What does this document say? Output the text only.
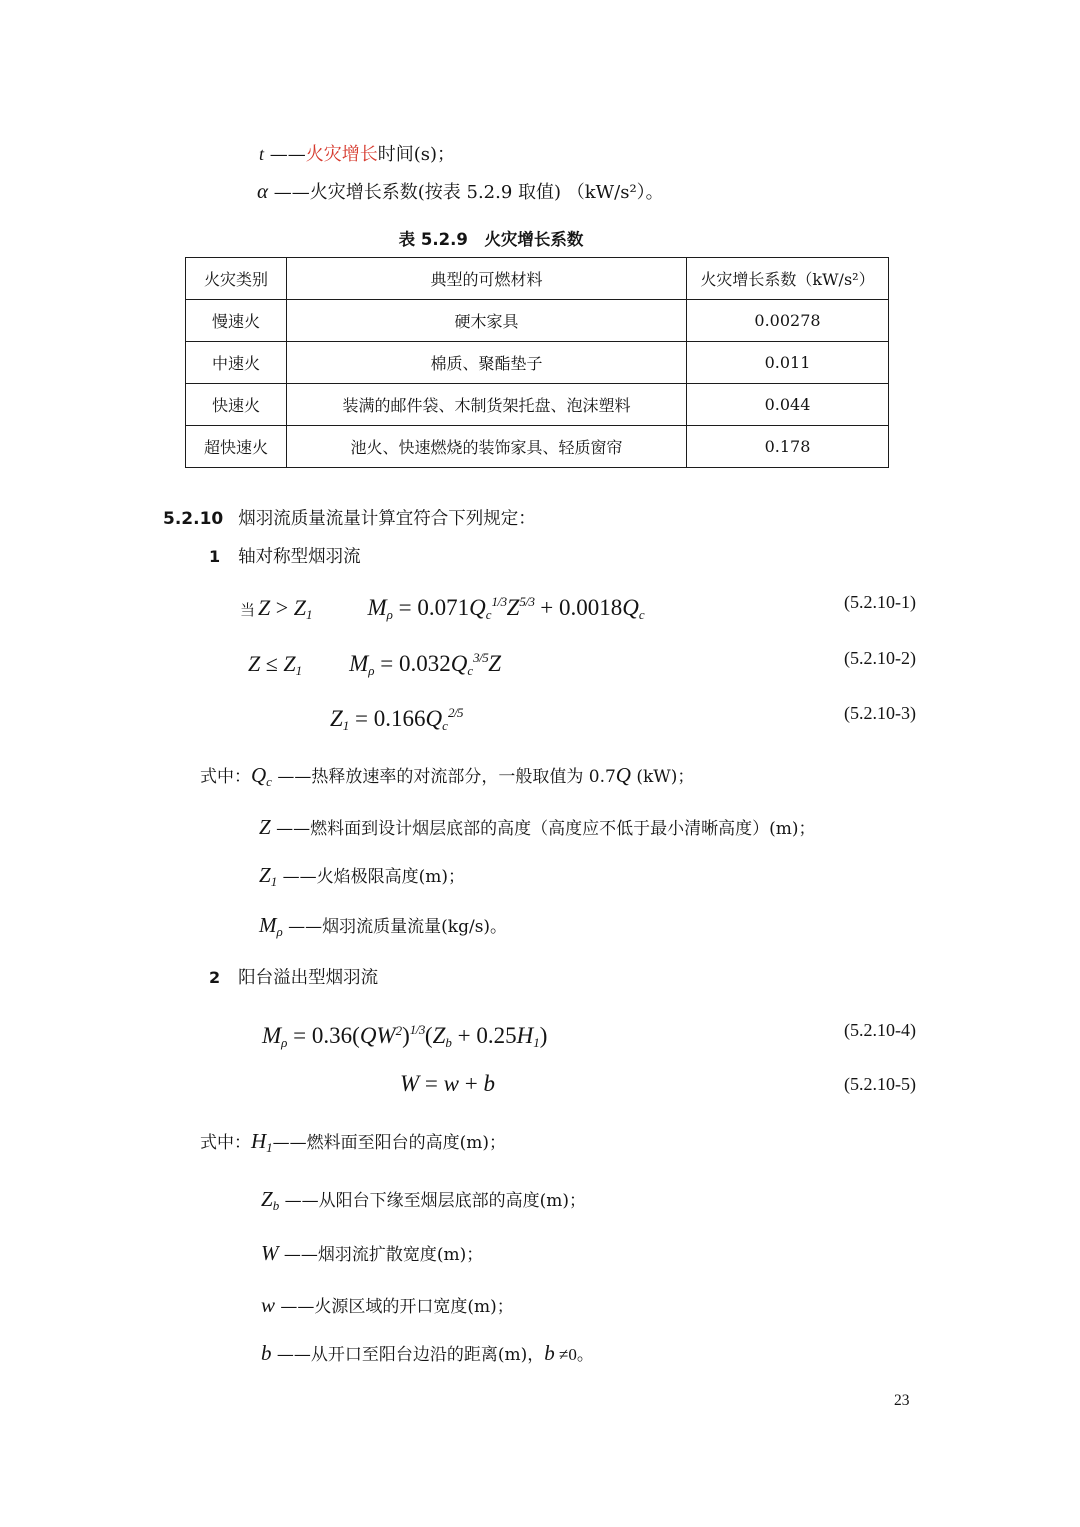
t ——火灾增长时间(s)；
α ——火灾增长系数(按表 5.2.9 取值) （kW/s²）。
表 5.2.9　火灾增长系数
火灾类别	典型的可燃材料	火灾增长系数（kW/s²）
慢速火	硬木家具	0.00278
中速火	棉质、聚酯垫子	0.011
快速火	装满的邮件袋、木制货架托盘、泡沫塑料	0.044
超快速火	池火、快速燃烧的装饰家具、轻质窗帘	0.178
5.2.10 烟羽流质量流量计算宜符合下列规定：
1 轴对称型烟羽流
当 Z > Z1 $M\rho = 0.071Qc^{1/3}Z^{5/3} + 0.0018Qc$
(5.2.10-1)
Z ≤ Z1 $M\rho = 0.032Qc^{3/5}Z$	(5.2.10-2)
$Z1 = 0.166Qc^{2/5}$	(5.2.10-3)
式中：$Q_c$ ——热释放速率的对流部分，一般取值为 0.7Q (kW)；
Z ——燃料面到设计烟层底部的高度（高度应不低于最小清晰高度）(m)；
$Z_1$ ——火焰极限高度(m)；
$M_\rho$ ——烟羽流质量流量(kg/s)。
2 阳台溢出型烟羽流
$M\rho = 0.36(QW^2)^{1/3}(Zb + 0.25H1)$	(5.2.10-4)
W = w + b	(5.2.10-5)
式中：$H_1——$燃料面至阳台的高度(m)；
$Z_b$ ——从阳台下缘至烟层底部的高度(m)；
W ——烟羽流扩散宽度(m)；
w ——火源区域的开口宽度(m)；
b ——从开口至阳台边沿的距离(m)，b ≠0。
23
